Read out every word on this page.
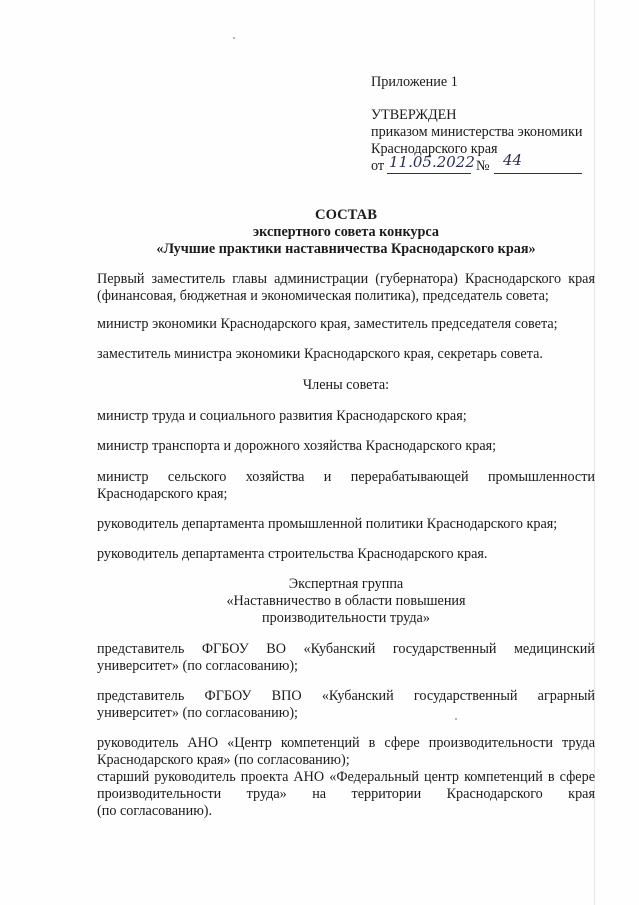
Приложение 1
УТВЕРЖДЕН
приказом министерства экономики
Краснодарского края
от 11.05.2022 № 44
СОСТАВ
экспертного совета конкурса
«Лучшие практики наставничества Краснодарского края»
Первый заместитель главы администрации (губернатора) Краснодарского края
(финансовая, бюджетная и экономическая политика), председатель совета;
министр экономики Краснодарского края, заместитель председателя совета;
заместитель министра экономики Краснодарского края, секретарь совета.
Члены совета:
министр труда и социального развития Краснодарского края;
министр транспорта и дорожного хозяйства Краснодарского края;
министр сельского хозяйства и перерабатывающей промышленности
Краснодарского края;
руководитель департамента промышленной политики Краснодарского края;
руководитель департамента строительства Краснодарского края.
Экспертная группа
«Наставничество в области повышения
производительности труда»
представитель ФГБОУ ВО «Кубанский государственный медицинский
университет» (по согласованию);
представитель ФГБОУ ВПО «Кубанский государственный аграрный
университет» (по согласованию);
руководитель АНО «Центр компетенций в сфере производительности труда
Краснодарского края» (по согласованию);
старший руководитель проекта АНО «Федеральный центр компетенций в сфере
производительности труда» на территории Краснодарского края
(по согласованию).
